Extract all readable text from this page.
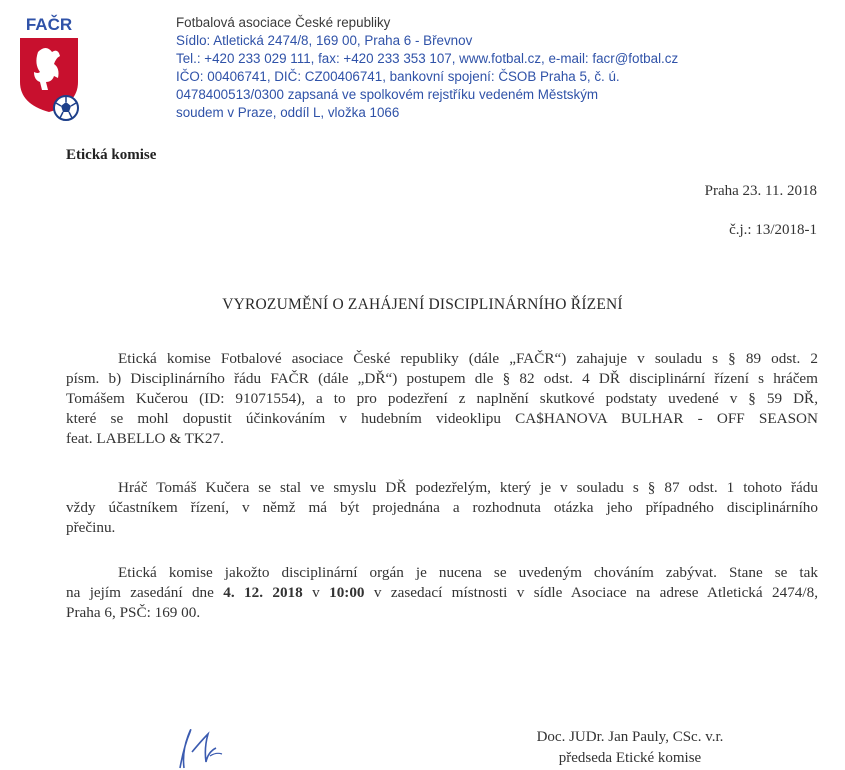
FAČR	Fotbalová asociace České republiky
Sídlo: Atletická 2474/8, 169 00, Praha 6 - Břevnov
Tel.: +420 233 029 111, fax: +420 233 353 107, www.fotbal.cz, e-mail: facr@fotbal.cz
IČO: 00406741, DIČ: CZ00406741, bankovní spojení: ČSOB Praha 5, č. ú.
0478400513/0300 zapsaná ve spolkovém rejstříku vedeném Městským
soudem v Praze, oddíl L, vložka 1066
Etická komise
Praha 23. 11. 2018
č.j.: 13/2018-1
VYROZUMĚNÍ O ZAHÁJENÍ DISCIPLINÁRNÍHO ŘÍZENÍ
Etická komise Fotbalové asociace České republiky (dále „FAČR“) zahajuje v souladu s § 89 odst. 2
písm. b) Disciplinárního řádu FAČR (dále „DŘ“) postupem dle § 82 odst. 4 DŘ disciplinární řízení s hráčem
Tomášem Kučerou (ID: 91071554), a to pro podezření z naplnění skutkové podstaty uvedené v § 59 DŘ,
které se mohl dopustit účinkováním v hudebním videoklipu CA$HANOVA BULHAR - OFF SEASON
feat. LABELLO & TK27.
Hráč Tomáš Kučera se stal ve smyslu DŘ podezřelým, který je v souladu s § 87 odst. 1 tohoto řádu
vždy účastníkem řízení, v němž má být projednána a rozhodnuta otázka jeho případného disciplinárního
přečinu.
Etická komise jakožto disciplinární orgán je nucena se uvedeným chováním zabývat. Stane se tak
na jejím zasedání dne 4. 12. 2018 v 10:00 v zasedací místnosti v sídle Asociace na adrese Atletická 2474/8,
Praha 6, PSČ: 169 00.
Doc. JUDr. Jan Pauly, CSc. v.r.
předseda Etické komise
